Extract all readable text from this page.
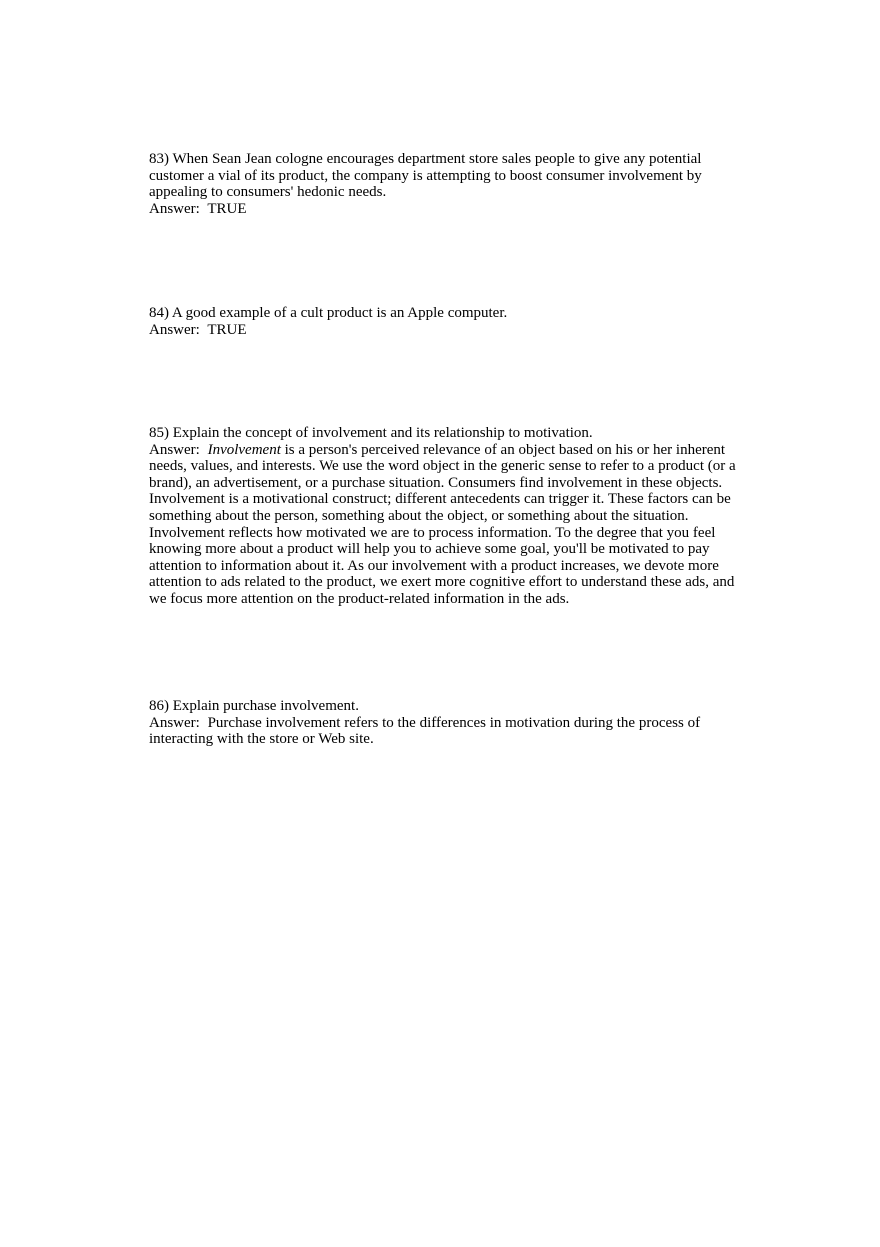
83) When Sean Jean cologne encourages department store sales people to give any potential customer a vial of its product, the company is attempting to boost consumer involvement by appealing to consumers' hedonic needs.

Answer: TRUE

84) A good example of a cult product is an Apple computer.

Answer: TRUE

85) Explain the concept of involvement and its relationship to motivation.

Answer: Involvement is a person's perceived relevance of an object based on his or her inherent needs, values, and interests. We use the word object in the generic sense to refer to a product (or a brand), an advertisement, or a purchase situation. Consumers find involvement in these objects. Involvement is a motivational construct; different antecedents can trigger it. These factors can be something about the person, something about the object, or something about the situation. Involvement reflects how motivated we are to process information. To the degree that you feel knowing more about a product will help you to achieve some goal, you'll be motivated to pay attention to information about it. As our involvement with a product increases, we devote more attention to ads related to the product, we exert more cognitive effort to understand these ads, and we focus more attention on the product-related information in the ads.

86) Explain purchase involvement.

Answer: Purchase involvement refers to the differences in motivation during the process of interacting with the store or Web site.
